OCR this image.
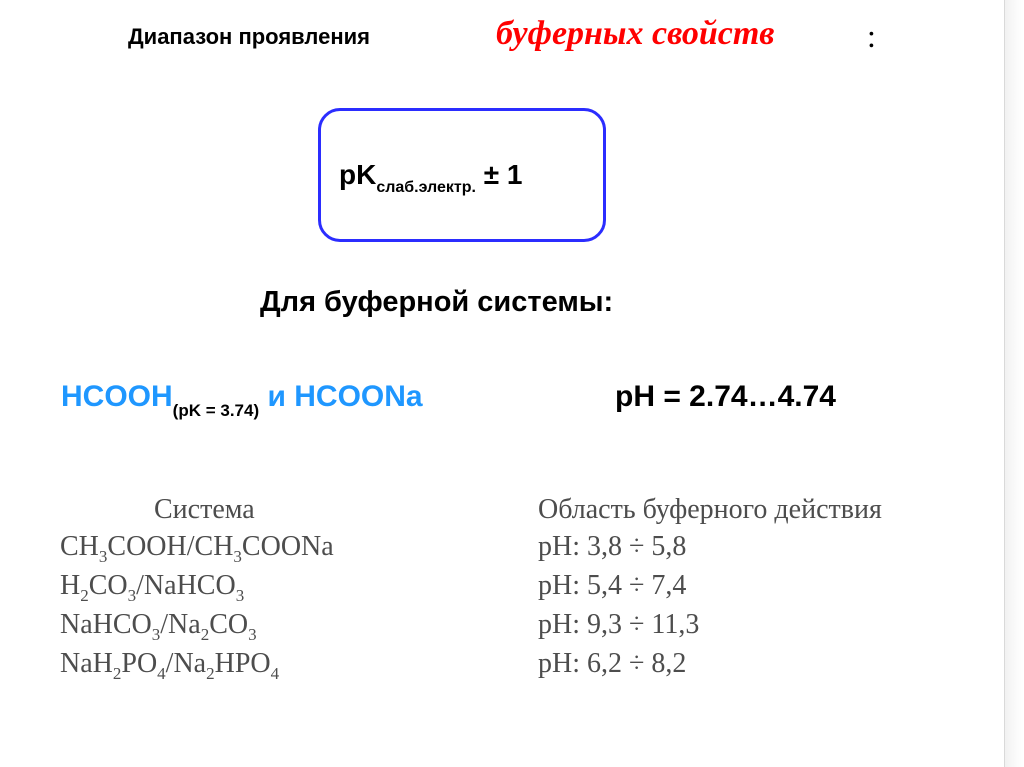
Диапазон проявления	буферных свойств	:
$pK_{слаб.электр.} \pm 1$
Для буферной системы:
$HCOOH_{(pK = 3.74)}$ и HCOONa	pH = 2.74…4.74
Система	Область буферного действия
$CH_3COOH/CH_3COONa$	pH: 3,8 ÷ 5,8
$H_2CO_3/NaHCO_3$	pH: 5,4 ÷ 7,4
$NaHCO_3/Na_2CO_3$	pH: 9,3 ÷ 11,3
$NaH_2PO_4/Na_2HPO_4$	pH: 6,2 ÷ 8,2
